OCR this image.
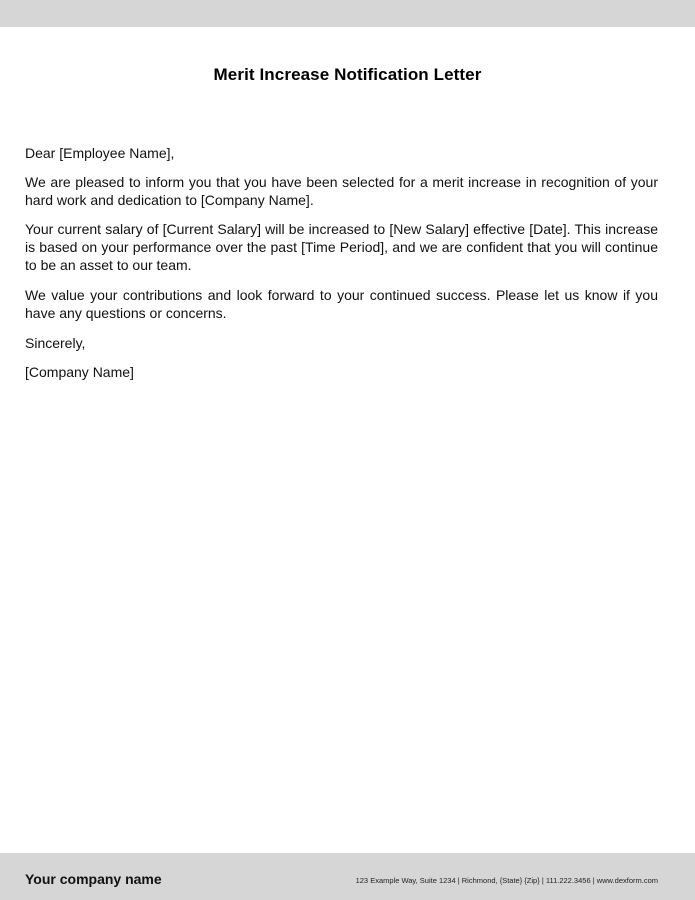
Merit Increase Notification Letter

Dear [Employee Name],

We are pleased to inform you that you have been selected for a merit increase in recognition of your hard work and dedication to [Company Name].

Your current salary of [Current Salary] will be increased to [New Salary] effective [Date]. This increase is based on your performance over the past [Time Period], and we are confident that you will continue to be an asset to our team.

We value your contributions and look forward to your continued success. Please let us know if you have any questions or concerns.

Sincerely,

[Company Name]

Your company name	123 Example Way, Suite 1234 | Richmond, {State} {Zip} | 111.222.3456 | www.dexform.com
